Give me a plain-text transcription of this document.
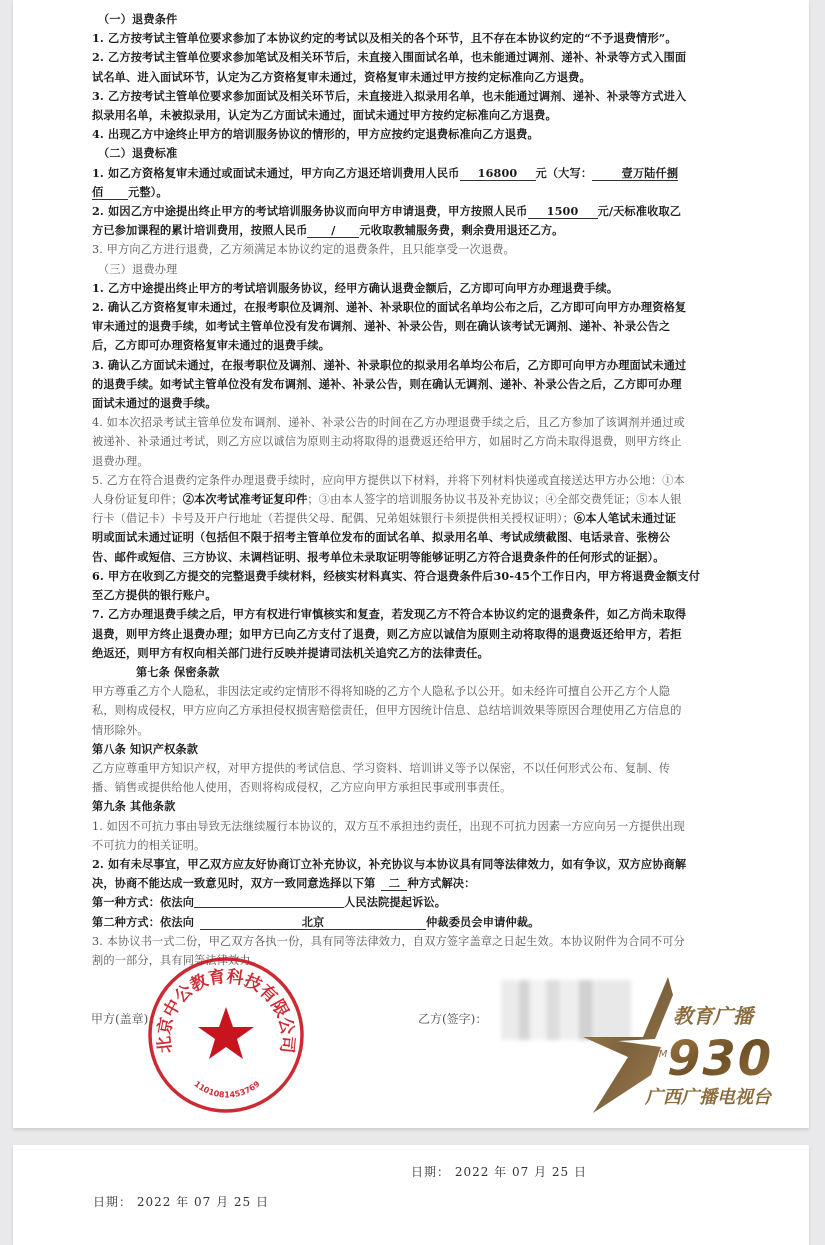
（一）退费条件
1. 乙方按考试主管单位要求参加了本协议约定的考试以及相关的各个环节，且不存在本协议约定的“不予退费情形”。
2. 乙方按考试主管单位要求参加笔试及相关环节后，未直接入围面试名单，也未能通过调剂、递补、补录等方式入围面
试名单、进入面试环节，认定为乙方资格复审未通过，资格复审未通过甲方按约定标准向乙方退费。
3. 乙方按考试主管单位要求参加面试及相关环节后，未直接进入拟录用名单，也未能通过调剂、递补、补录等方式进入
拟录用名单，未被拟录用，认定为乙方面试未通过，面试未通过甲方按约定标准向乙方退费。
4. 出现乙方中途终止甲方的培训服务协议的情形的，甲方应按约定退费标准向乙方退费。
（二）退费标准
1. 如乙方资格复审未通过或面试未通过，甲方向乙方退还培训费用人民币 16800 元（大写：	壹万陆仟捌
佰 元整）。
2. 如因乙方中途提出终止甲方的考试培训服务协议而向甲方申请退费，甲方按照人民币 1500 元/天标准收取乙
方已参加课程的累计培训费用，按照人民币 / 元收取教辅服务费，剩余费用退还乙方。
3. 甲方向乙方进行退费，乙方须满足本协议约定的退费条件，且只能享受一次退费。
（三）退费办理
1. 乙方中途提出终止甲方的考试培训服务协议，经甲方确认退费金额后，乙方即可向甲方办理退费手续。
2. 确认乙方资格复审未通过，在报考职位及调剂、递补、补录职位的面试名单均公布之后，乙方即可向甲方办理资格复
审未通过的退费手续，如考试主管单位没有发布调剂、递补、补录公告，则在确认该考试无调剂、递补、补录公告之
后，乙方即可办理资格复审未通过的退费手续。
3. 确认乙方面试未通过，在报考职位及调剂、递补、补录职位的拟录用名单均公布后，乙方即可向甲方办理面试未通过
的退费手续。如考试主管单位没有发布调剂、递补、补录公告，则在确认无调剂、递补、补录公告之后，乙方即可办理
面试未通过的退费手续。
4. 如本次招录考试主管单位发布调剂、递补、补录公告的时间在乙方办理退费手续之后，且乙方参加了该调剂并通过或
被递补、补录通过考试，则乙方应以诚信为原则主动将取得的退费返还给甲方，如届时乙方尚未取得退费，则甲方终止
退费办理。
5. 乙方在符合退费约定条件办理退费手续时，应向甲方提供以下材料，并将下列材料快递或直接送达甲方办公地：①本
人身份证复印件；②本次考试准考证复印件；③由本人签字的培训服务协议书及补充协议；④全部交费凭证；⑤本人银
行卡（借记卡）卡号及开户行地址（若提供父母、配偶、兄弟姐妹银行卡须提供相关授权证明）；⑥本人笔试未通过证
明或面试未通过证明（包括但不限于招考主管单位发布的面试名单、拟录用名单、考试成绩截图、电话录音、张榜公
告、邮件或短信、三方协议、未调档证明、报考单位未录取证明等能够证明乙方符合退费条件的任何形式的证据）。
6. 甲方在收到乙方提交的完整退费手续材料，经核实材料真实、符合退费条件后30-45个工作日内，甲方将退费金额支付
至乙方提供的银行账户。
7. 乙方办理退费手续之后，甲方有权进行审慎核实和复查，若发现乙方不符合本协议约定的退费条件，如乙方尚未取得
退费，则甲方终止退费办理；如甲方已向乙方支付了退费，则乙方应以诚信为原则主动将取得的退费返还给甲方，若拒
绝返还，则甲方有权向相关部门进行反映并提请司法机关追究乙方的法律责任。
第七条 保密条款
甲方尊重乙方个人隐私，非因法定或约定情形不得将知晓的乙方个人隐私予以公开。如未经许可擅自公开乙方个人隐
私，则构成侵权，甲方应向乙方承担侵权损害赔偿责任，但甲方因统计信息、总结培训效果等原因合理使用乙方信息的
情形除外。
第八条 知识产权条款
乙方应尊重甲方知识产权，对甲方提供的考试信息、学习资料、培训讲义等予以保密，不以任何形式公布、复制、传
播、销售或提供给他人使用，否则将构成侵权，乙方应向甲方承担民事或刑事责任。
第九条 其他条款
1. 如因不可抗力事由导致无法继续履行本协议的，双方互不承担违约责任，出现不可抗力因素一方应向另一方提供出现
不可抗力的相关证明。
2. 如有未尽事宜，甲乙双方应友好协商订立补充协议，补充协议与本协议具有同等法律效力，如有争议，双方应协商解
决，协商不能达成一致意见时，双方一致同意选择以下第 二 种方式解决：
第一种方式：依法向	人民法院提起诉讼。
第二种方式：依法向	北京	仲裁委员会申请仲裁。
3. 本协议书一式二份，甲乙双方各执一份，具有同等法律效力，自双方签字盖章之日起生效。本协议附件为合同不可分
割的一部分，具有同等法律效力。
甲方(盖章)：	乙方(签字)：
北京中公教育科技有限公司
1101081453769
FM
教育广播
930
广西广播电视台
日期： 2022 年 07 月 25 日
日期： 2022 年 07 月 25 日
